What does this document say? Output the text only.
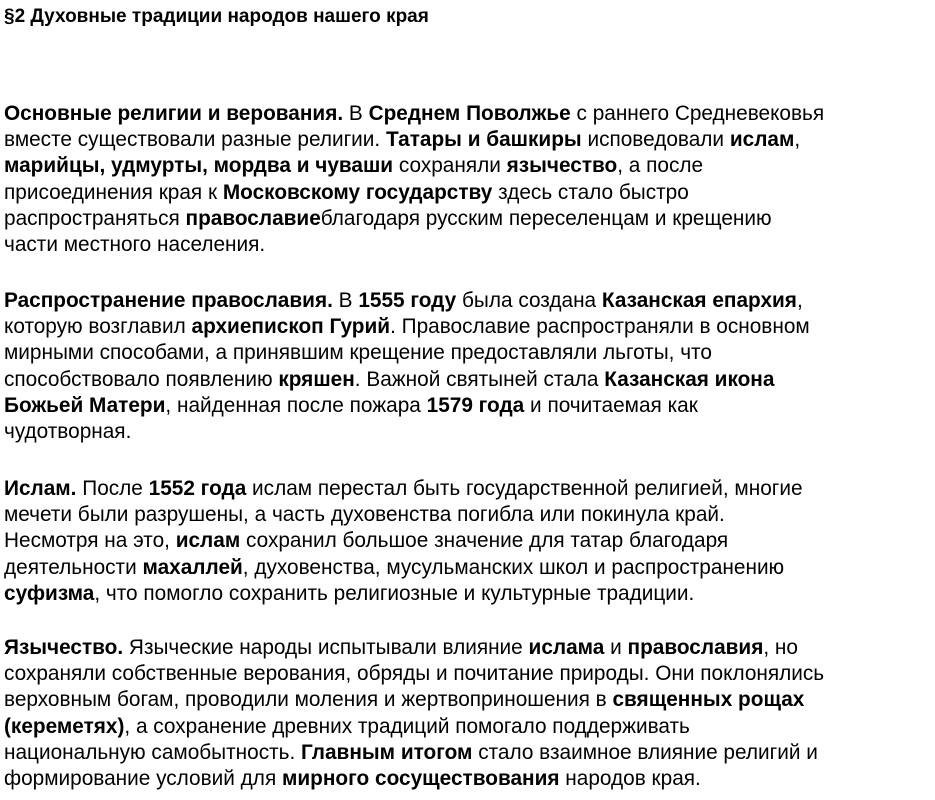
§2 Духовные традиции народов нашего края
Основные религии и верования. В Среднем Поволжье с раннего Средневековья
вместе существовали разные религии. Татары и башкиры исповедовали ислам,
марийцы, удмурты, мордва и чуваши сохраняли язычество, а после
присоединения края к Московскому государству здесь стало быстро
распространяться православиеблагодаря русским переселенцам и крещению
части местного населения.
Распространение православия. В 1555 году была создана Казанская епархия,
которую возглавил архиепископ Гурий. Православие распространяли в основном
мирными способами, а принявшим крещение предоставляли льготы, что
способствовало появлению кряшен. Важной святыней стала Казанская икона
Божьей Матери, найденная после пожара 1579 года и почитаемая как
чудотворная.
Ислам. После 1552 года ислам перестал быть государственной религией, многие
мечети были разрушены, а часть духовенства погибла или покинула край.
Несмотря на это, ислам сохранил большое значение для татар благодаря
деятельности махаллей, духовенства, мусульманских школ и распространению
суфизма, что помогло сохранить религиозные и культурные традиции.
Язычество. Языческие народы испытывали влияние ислама и православия, но
сохраняли собственные верования, обряды и почитание природы. Они поклонялись
верховным богам, проводили моления и жертвоприношения в священных рощах
(кереметях), а сохранение древних традиций помогало поддерживать
национальную самобытность. Главным итогом стало взаимное влияние религий и
формирование условий для мирного сосуществования народов края.
